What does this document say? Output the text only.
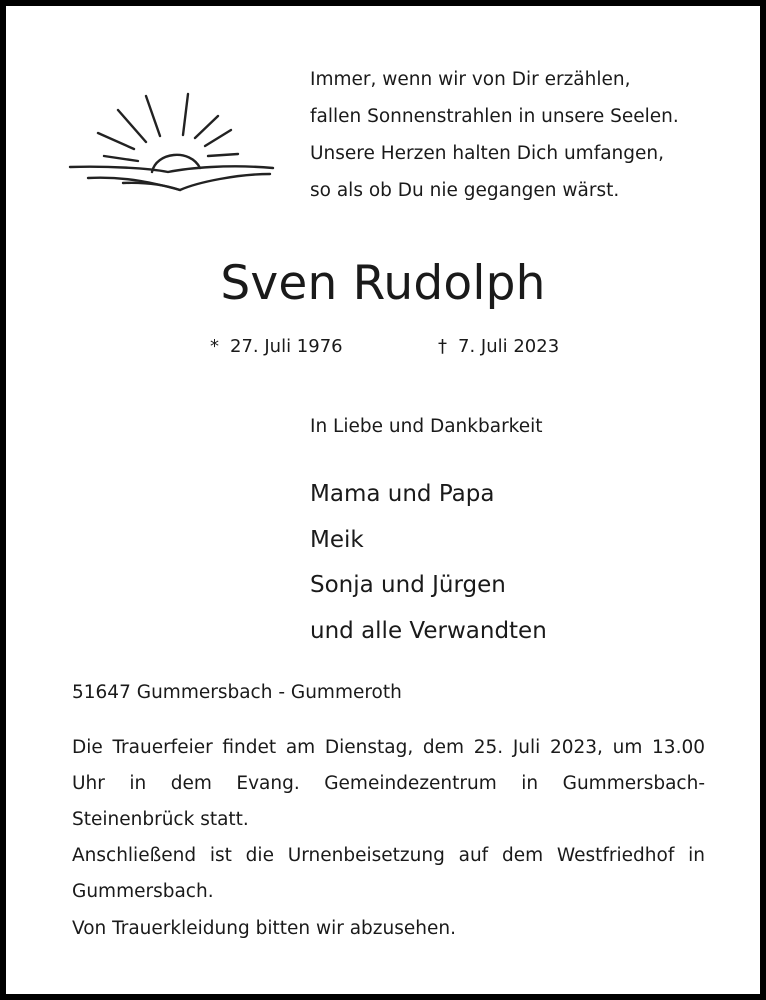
Immer, wenn wir von Dir erzählen,
fallen Sonnenstrahlen in unsere Seelen.
Unsere Herzen halten Dich umfangen,
so als ob Du nie gegangen wärst.
Sven Rudolph
* 27. Juli 1976	† 7. Juli 2023
In Liebe und Dankbarkeit
Mama und Papa
Meik
Sonja und Jürgen
und alle Verwandten
51647 Gummersbach - Gummeroth

Die Trauerfeier findet am Dienstag, dem 25. Juli 2023, um 13.00 Uhr in dem Evang. Gemeindezentrum in Gummersbach-Steinenbrück statt.

Anschließend ist die Urnenbeisetzung auf dem Westfriedhof in Gummersbach.

Von Trauerkleidung bitten wir abzusehen.
